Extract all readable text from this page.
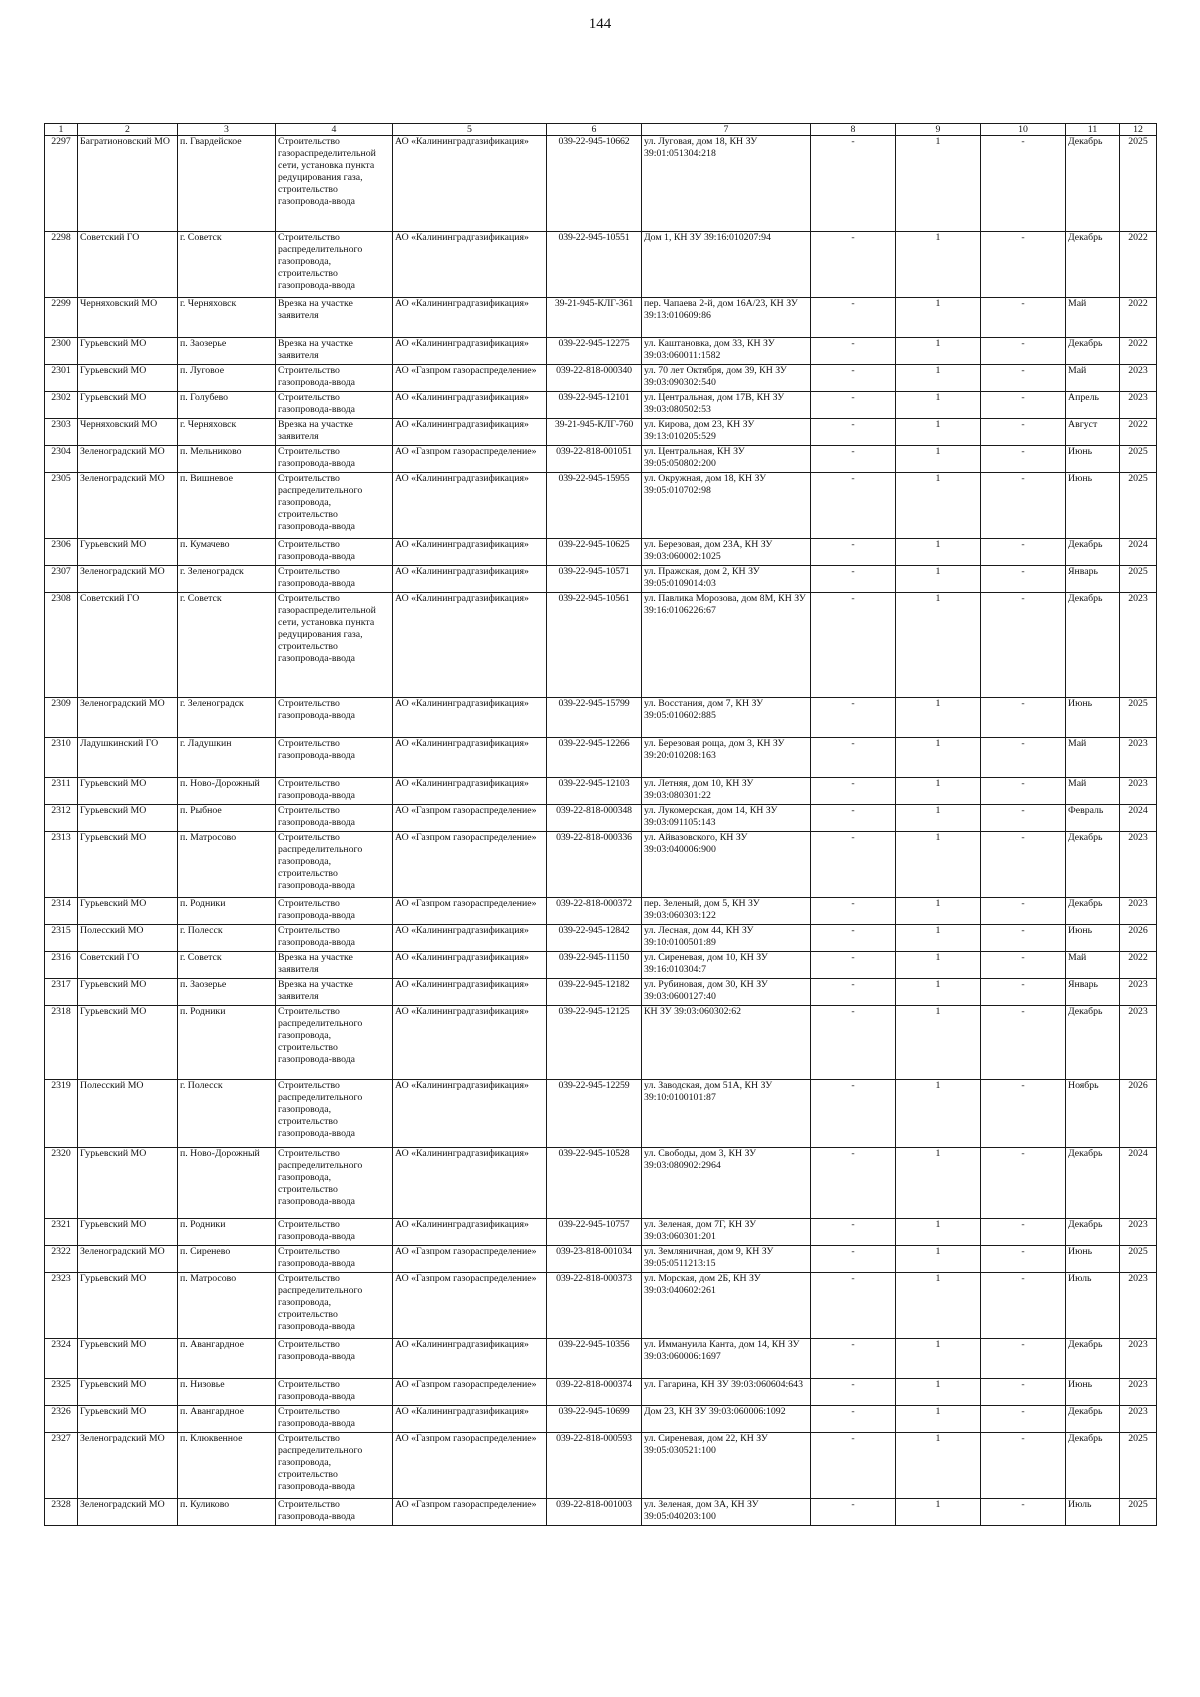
144
1	2	3	4	5	6	7	8	9	10	11	12
2297	Багратионовский МО	п. Гвардейское	Строительство газораспределительной сети, установка пункта редуцирования газа, строительство газопровода-ввода	АО «Калининградгазификация»	039-22-945-10662	ул. Луговая, дом 18, КН ЗУ 39:01:051304:218	-	1	-	Декабрь	2025
2298	Советский ГО	г. Советск	Строительство распределительного газопровода, строительство газопровода-ввода	АО «Калининградгазификация»	039-22-945-10551	Дом 1, КН ЗУ 39:16:010207:94	-	1	-	Декабрь	2022
2299	Черняховский МО	г. Черняховск	Врезка на участке заявителя	АО «Калининградгазификация»	39-21-945-КЛГ-361	пер. Чапаева 2-й, дом 16А/23, КН ЗУ 39:13:010609:86	-	1	-	Май	2022
2300	Гурьевский МО	п. Заозерье	Врезка на участке заявителя	АО «Калининградгазификация»	039-22-945-12275	ул. Каштановка, дом 33, КН ЗУ 39:03:060011:1582	-	1	-	Декабрь	2022
2301	Гурьевский МО	п. Луговое	Строительство газопровода-ввода	АО «Газпром газораспределение»	039-22-818-000340	ул. 70 лет Октября, дом 39, КН ЗУ 39:03:090302:540	-	1	-	Май	2023
2302	Гурьевский МО	п. Голубево	Строительство газопровода-ввода	АО «Калининградгазификация»	039-22-945-12101	ул. Центральная, дом 17В, КН ЗУ 39:03:080502:53	-	1	-	Апрель	2023
2303	Черняховский МО	г. Черняховск	Врезка на участке заявителя	АО «Калининградгазификация»	39-21-945-КЛГ-760	ул. Кирова, дом 23, КН ЗУ 39:13:010205:529	-	1	-	Август	2022
2304	Зеленоградский МО	п. Мельниково	Строительство газопровода-ввода	АО «Газпром газораспределение»	039-22-818-001051	ул. Центральная, КН ЗУ 39:05:050802:200	-	1	-	Июнь	2025
2305	Зеленоградский МО	п. Вишневое	Строительство распределительного газопровода, строительство газопровода-ввода	АО «Калининградгазификация»	039-22-945-15955	ул. Окружная, дом 18, КН ЗУ 39:05:010702:98	-	1	-	Июнь	2025
2306	Гурьевский МО	п. Кумачево	Строительство газопровода-ввода	АО «Калининградгазификация»	039-22-945-10625	ул. Березовая, дом 23А, КН ЗУ 39:03:060002:1025	-	1	-	Декабрь	2024
2307	Зеленоградский МО	г. Зеленоградск	Строительство газопровода-ввода	АО «Калининградгазификация»	039-22-945-10571	ул. Пражская, дом 2, КН ЗУ 39:05:0109014:03	-	1	-	Январь	2025
2308	Советский ГО	г. Советск	Строительство газораспределительной сети, установка пункта редуцирования газа, строительство газопровода-ввода	АО «Калининградгазификация»	039-22-945-10561	ул. Павлика Морозова, дом 8М, КН ЗУ 39:16:0106226:67	-	1	-	Декабрь	2023
2309	Зеленоградский МО	г. Зеленоградск	Строительство газопровода-ввода	АО «Калининградгазификация»	039-22-945-15799	ул. Восстания, дом 7, КН ЗУ 39:05:010602:885	-	1	-	Июнь	2025
2310	Ладушкинский ГО	г. Ладушкин	Строительство газопровода-ввода	АО «Калининградгазификация»	039-22-945-12266	ул. Березовая роща, дом 3, КН ЗУ 39:20:010208:163	-	1	-	Май	2023
2311	Гурьевский МО	п. Ново-Дорожный	Строительство газопровода-ввода	АО «Калининградгазификация»	039-22-945-12103	ул. Летняя, дом 10, КН ЗУ 39:03:080301:22	-	1	-	Май	2023
2312	Гурьевский МО	п. Рыбное	Строительство газопровода-ввода	АО «Газпром газораспределение»	039-22-818-000348	ул. Лукомерская, дом 14, КН ЗУ 39:03:091105:143	-	1	-	Февраль	2024
2313	Гурьевский МО	п. Матросово	Строительство распределительного газопровода, строительство газопровода-ввода	АО «Газпром газораспределение»	039-22-818-000336	ул. Айвазовского, КН ЗУ 39:03:040006:900	-	1	-	Декабрь	2023
2314	Гурьевский МО	п. Родники	Строительство газопровода-ввода	АО «Газпром газораспределение»	039-22-818-000372	пер. Зеленый, дом 5, КН ЗУ 39:03:060303:122	-	1	-	Декабрь	2023
2315	Полесский МО	г. Полесск	Строительство газопровода-ввода	АО «Калининградгазификация»	039-22-945-12842	ул. Лесная, дом 44, КН ЗУ 39:10:0100501:89	-	1	-	Июнь	2026
2316	Советский ГО	г. Советск	Врезка на участке заявителя	АО «Калининградгазификация»	039-22-945-11150	ул. Сиреневая, дом 10, КН ЗУ 39:16:010304:7	-	1	-	Май	2022
2317	Гурьевский МО	п. Заозерье	Врезка на участке заявителя	АО «Калининградгазификация»	039-22-945-12182	ул. Рубиновая, дом 30, КН ЗУ 39:03:0600127:40	-	1	-	Январь	2023
2318	Гурьевский МО	п. Родники	Строительство распределительного газопровода, строительство газопровода-ввода	АО «Калининградгазификация»	039-22-945-12125	КН ЗУ 39:03:060302:62	-	1	-	Декабрь	2023
2319	Полесский МО	г. Полесск	Строительство распределительного газопровода, строительство газопровода-ввода	АО «Калининградгазификация»	039-22-945-12259	ул. Заводская, дом 51А, КН ЗУ 39:10:0100101:87	-	1	-	Ноябрь	2026
2320	Гурьевский МО	п. Ново-Дорожный	Строительство распределительного газопровода, строительство газопровода-ввода	АО «Калининградгазификация»	039-22-945-10528	ул. Свободы, дом 3, КН ЗУ 39:03:080902:2964	-	1	-	Декабрь	2024
2321	Гурьевский МО	п. Родники	Строительство газопровода-ввода	АО «Калининградгазификация»	039-22-945-10757	ул. Зеленая, дом 7Г, КН ЗУ 39:03:060301:201	-	1	-	Декабрь	2023
2322	Зеленоградский МО	п. Сиренево	Строительство газопровода-ввода	АО «Газпром газораспределение»	039-23-818-001034	ул. Земляничная, дом 9, КН ЗУ 39:05:0511213:15	-	1	-	Июнь	2025
2323	Гурьевский МО	п. Матросово	Строительство распределительного газопровода, строительство газопровода-ввода	АО «Газпром газораспределение»	039-22-818-000373	ул. Морская, дом 2Б, КН ЗУ 39:03:040602:261	-	1	-	Июль	2023
2324	Гурьевский МО	п. Авангардное	Строительство газопровода-ввода	АО «Калининградгазификация»	039-22-945-10356	ул. Иммануила Канта, дом 14, КН ЗУ 39:03:060006:1697	-	1	-	Декабрь	2023
2325	Гурьевский МО	п. Низовье	Строительство газопровода-ввода	АО «Газпром газораспределение»	039-22-818-000374	ул. Гагарина, КН ЗУ 39:03:060604:643	-	1	-	Июнь	2023
2326	Гурьевский МО	п. Авангардное	Строительство газопровода-ввода	АО «Калининградгазификация»	039-22-945-10699	Дом 23, КН ЗУ 39:03:060006:1092	-	1	-	Декабрь	2023
2327	Зеленоградский МО	п. Клюквенное	Строительство распределительного газопровода, строительство газопровода-ввода	АО «Газпром газораспределение»	039-22-818-000593	ул. Сиреневая, дом 22, КН ЗУ 39:05:030521:100	-	1	-	Декабрь	2025
2328	Зеленоградский МО	п. Куликово	Строительство газопровода-ввода	АО «Газпром газораспределение»	039-22-818-001003	ул. Зеленая, дом 3А, КН ЗУ 39:05:040203:100	-	1	-	Июль	2025
